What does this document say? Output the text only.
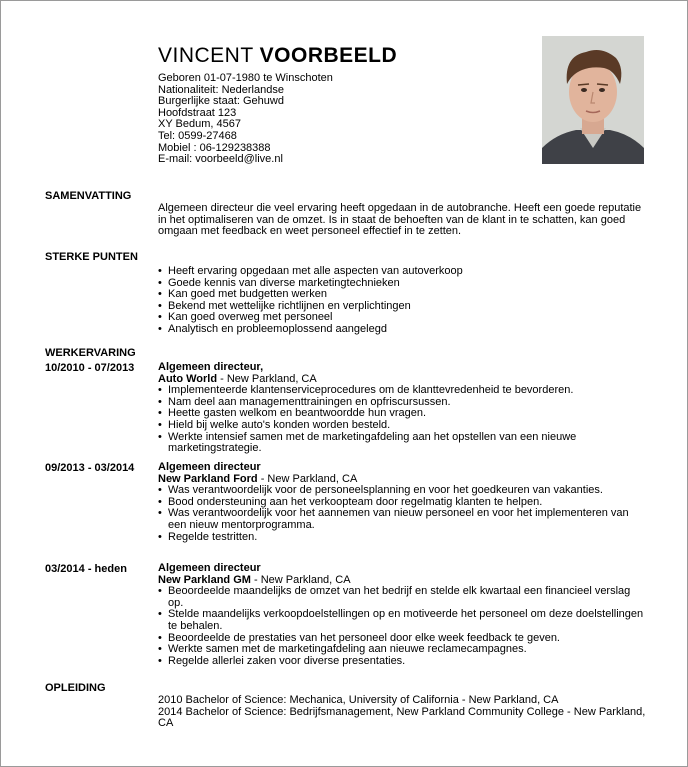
VINCENT VOORBEELD
Geboren 01-07-1980 te Winschoten
Nationaliteit: Nederlandse
Burgerlijke staat: Gehuwd
Hoofdstraat 123
XY Bedum, 4567
Tel: 0599-27468
Mobiel : 06-129238388
E-mail: voorbeeld@live.nl
SAMENVATTING
Algemeen directeur die veel ervaring heeft opgedaan in de autobranche. Heeft een goede reputatie in het optimaliseren van de omzet. Is in staat de behoeften van de klant in te schatten, kan goed omgaan met feedback en weet personeel effectief in te zetten.
STERKE PUNTEN
• Heeft ervaring opgedaan met alle aspecten van autoverkoop
• Goede kennis van diverse marketingtechnieken
• Kan goed met budgetten werken
• Bekend met wettelijke richtlijnen en verplichtingen
• Kan goed overweg met personeel
• Analytisch en probleemoplossend aangelegd
WERKERVARING
10/2010 - 07/2013 Algemeen directeur,
Auto World - New Parkland, CA
• Implementeerde klantenserviceprocedures om de klanttevredenheid te bevorderen.
• Nam deel aan managementtrainingen en opfriscursussen.
• Heette gasten welkom en beantwoordde hun vragen.
• Hield bij welke auto's konden worden besteld.
• Werkte intensief samen met de marketingafdeling aan het opstellen van een nieuwe marketingstrategie.
09/2013 - 03/2014 Algemeen directeur
New Parkland Ford - New Parkland, CA
• Was verantwoordelijk voor de personeelsplanning en voor het goedkeuren van vakanties.
• Bood ondersteuning aan het verkoopteam door regelmatig klanten te helpen.
• Was verantwoordelijk voor het aannemen van nieuw personeel en voor het implementeren van een nieuw mentorprogramma.
• Regelde testritten.
03/2014 - heden	Algemeen directeur
New Parkland GM - New Parkland, CA
• Beoordeelde maandelijks de omzet van het bedrijf en stelde elk kwartaal een financieel verslag op.
• Stelde maandelijks verkoopdoelstellingen op en motiveerde het personeel om deze doelstellingen te behalen.
• Beoordeelde de prestaties van het personeel door elke week feedback te geven.
• Werkte samen met de marketingafdeling aan nieuwe reclamecampagnes.
• Regelde allerlei zaken voor diverse presentaties.
OPLEIDING
2010 Bachelor of Science: Mechanica, University of California - New Parkland, CA
2014 Bachelor of Science: Bedrijfsmanagement, New Parkland Community College - New Parkland, CA
